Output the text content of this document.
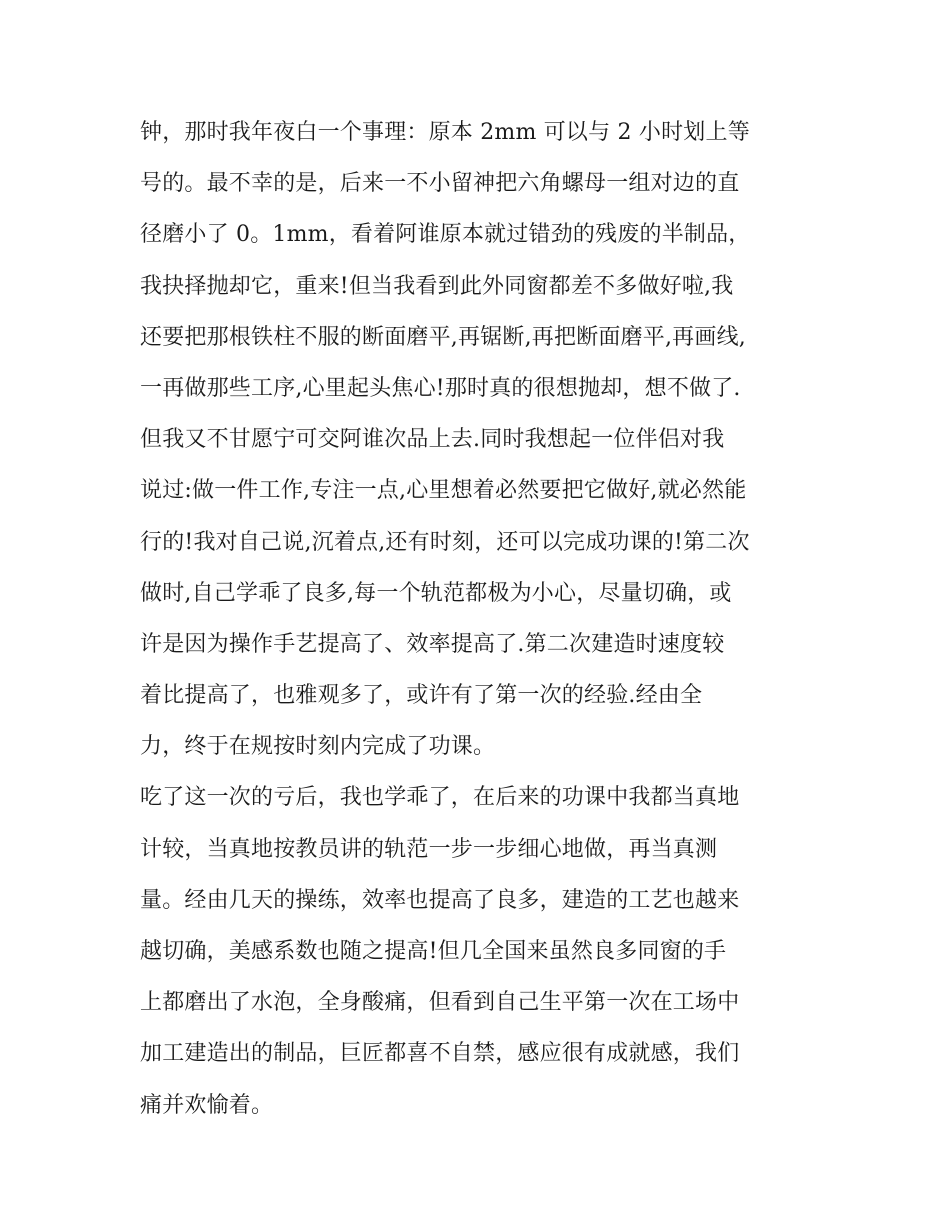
钟，那时我年夜白一个事理：原本 2mm 可以与 2 小时划上等
号的。最不幸的是，后来一不小留神把六角螺母一组对边的直
径磨小了 0。1mm，看着阿谁原本就过错劲的残废的半制品，
我抉择抛却它，重来!但当我看到此外同窗都差不多做好啦,我
还要把那根铁柱不服的断面磨平,再锯断,再把断面磨平,再画线,
一再做那些工序,心里起头焦心!那时真的很想抛却，想不做了.
但我又不甘愿宁可交阿谁次品上去.同时我想起一位伴侣对我
说过:做一件工作,专注一点,心里想着必然要把它做好,就必然能
行的!我对自己说,沉着点,还有时刻，还可以完成功课的!第二次
做时,自己学乖了良多,每一个轨范都极为小心，尽量切确，或
许是因为操作手艺提高了、效率提高了.第二次建造时速度较
着比提高了，也雅观多了，或许有了第一次的经验.经由全
力，终于在规按时刻内完成了功课。
吃了这一次的亏后，我也学乖了，在后来的功课中我都当真地
计较，当真地按教员讲的轨范一步一步细心地做，再当真测
量。经由几天的操练，效率也提高了良多，建造的工艺也越来
越切确，美感系数也随之提高!但几全国来虽然良多同窗的手
上都磨出了水泡，全身酸痛，但看到自己生平第一次在工场中
加工建造出的制品，巨匠都喜不自禁，感应很有成就感，我们
痛并欢愉着。
